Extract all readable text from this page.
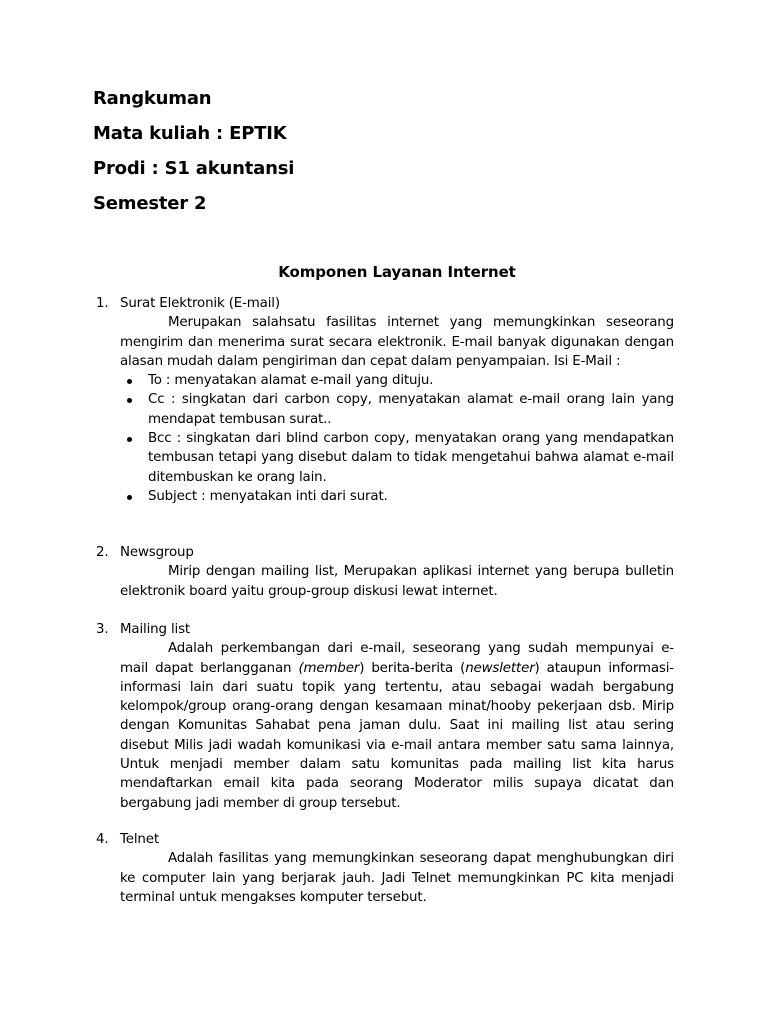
Rangkuman
Mata kuliah : EPTIK
Prodi : S1 akuntansi
Semester 2
Komponen Layanan Internet
1. Surat Elektronik (E-mail)

Merupakan salahsatu fasilitas internet yang memungkinkan seseorang mengirim dan menerima surat secara elektronik. E-mail banyak digunakan dengan alasan mudah dalam pengiriman dan cepat dalam penyampaian. Isi E-Mail :

To : menyatakan alamat e-mail yang dituju.
Cc : singkatan dari carbon copy, menyatakan alamat e-mail orang lain yang mendapat tembusan surat..
Bcc : singkatan dari blind carbon copy, menyatakan orang yang mendapatkan tembusan tetapi yang disebut dalam to tidak mengetahui bahwa alamat e-mail ditembuskan ke orang lain.
Subject : menyatakan inti dari surat.
2. Newsgroup

Mirip dengan mailing list, Merupakan aplikasi internet yang berupa bulletin elektronik board yaitu group-group diskusi lewat internet.

3. Mailing list

Adalah perkembangan dari e-mail, seseorang yang sudah mempunyai e-mail dapat berlangganan (member) berita-berita (newsletter) ataupun informasi-informasi lain dari suatu topik yang tertentu, atau sebagai wadah bergabung kelompok/group orang-orang dengan kesamaan minat/hooby pekerjaan dsb. Mirip dengan Komunitas Sahabat pena jaman dulu. Saat ini mailing list atau sering disebut Milis jadi wadah komunikasi via e-mail antara member satu sama lainnya, Untuk menjadi member dalam satu komunitas pada mailing list kita harus mendaftarkan email kita pada seorang Moderator milis supaya dicatat dan bergabung jadi member di group tersebut.

4. Telnet

Adalah fasilitas yang memungkinkan seseorang dapat menghubungkan diri ke computer lain yang berjarak jauh. Jadi Telnet memungkinkan PC kita menjadi terminal untuk mengakses komputer tersebut.
